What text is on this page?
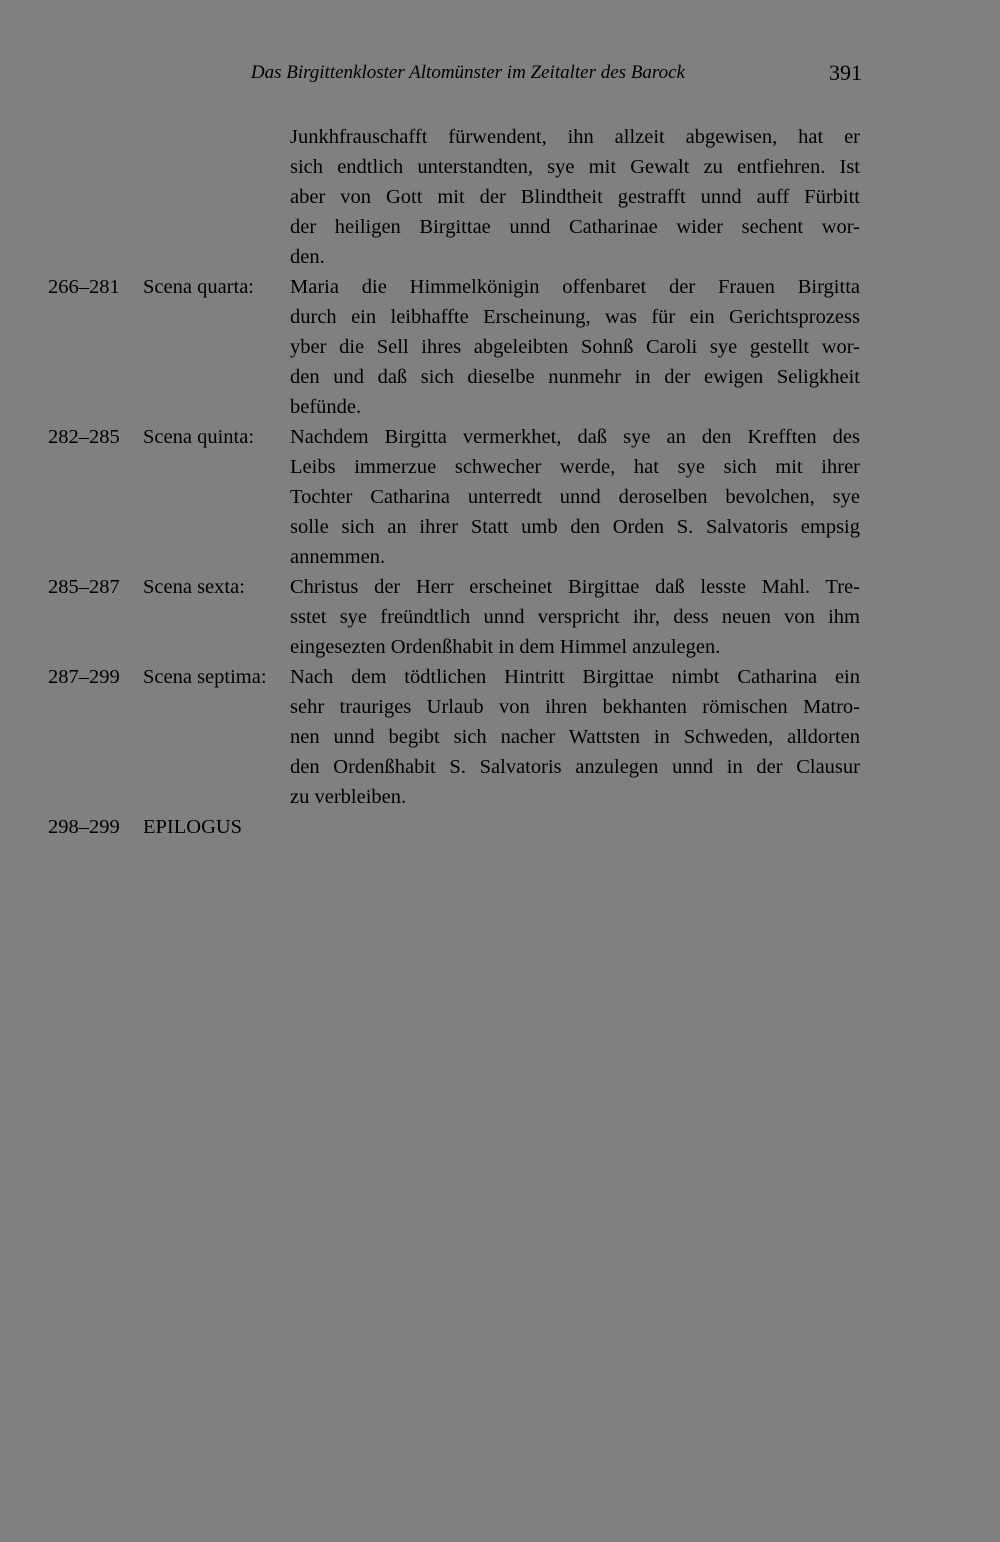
Das Birgittenkloster Altomünster im Zeitalter des Barock	391
Junkhfrauschafft fürwendent, ihn allzeit abgewisen, hat er
sich endtlich unterstandten, sye mit Gewalt zu entfiehren. Ist
aber von Gott mit der Blindtheit gestrafft unnd auff Fürbitt
der heiligen Birgittae unnd Catharinae wider sechent wor-
den.
266–281	Scena quarta: Maria die Himmelkönigin offenbaret der Frauen Birgitta
durch ein leibhaffte Erscheinung, was für ein Gerichtsprozess
yber die Sell ihres abgeleibten Sohnß Caroli sye gestellt wor-
den und daß sich dieselbe nunmehr in der ewigen Seligkheit
befünde.
282–285	Scena quinta: Nachdem Birgitta vermerkhet, daß sye an den Krefften des
Leibs immerzue schwecher werde, hat sye sich mit ihrer
Tochter Catharina unterredt unnd deroselben bevolchen, sye
solle sich an ihrer Statt umb den Orden S. Salvatoris empsig
annemmen.
285–287	Scena sexta: Christus der Herr erscheinet Birgittae daß lesste Mahl. Tre-
sstet sye freündtlich unnd verspricht ihr, dess neuen von ihm
eingesezten Ordenßhabit in dem Himmel anzulegen.
287–299	Scena septima: Nach dem tödtlichen Hintritt Birgittae nimbt Catharina ein
sehr trauriges Urlaub von ihren bekhanten römischen Matro-
nen unnd begibt sich nacher Wattsten in Schweden, alldorten
den Ordenßhabit S. Salvatoris anzulegen unnd in der Clausur
zu verbleiben.
298–299	EPILOGUS
